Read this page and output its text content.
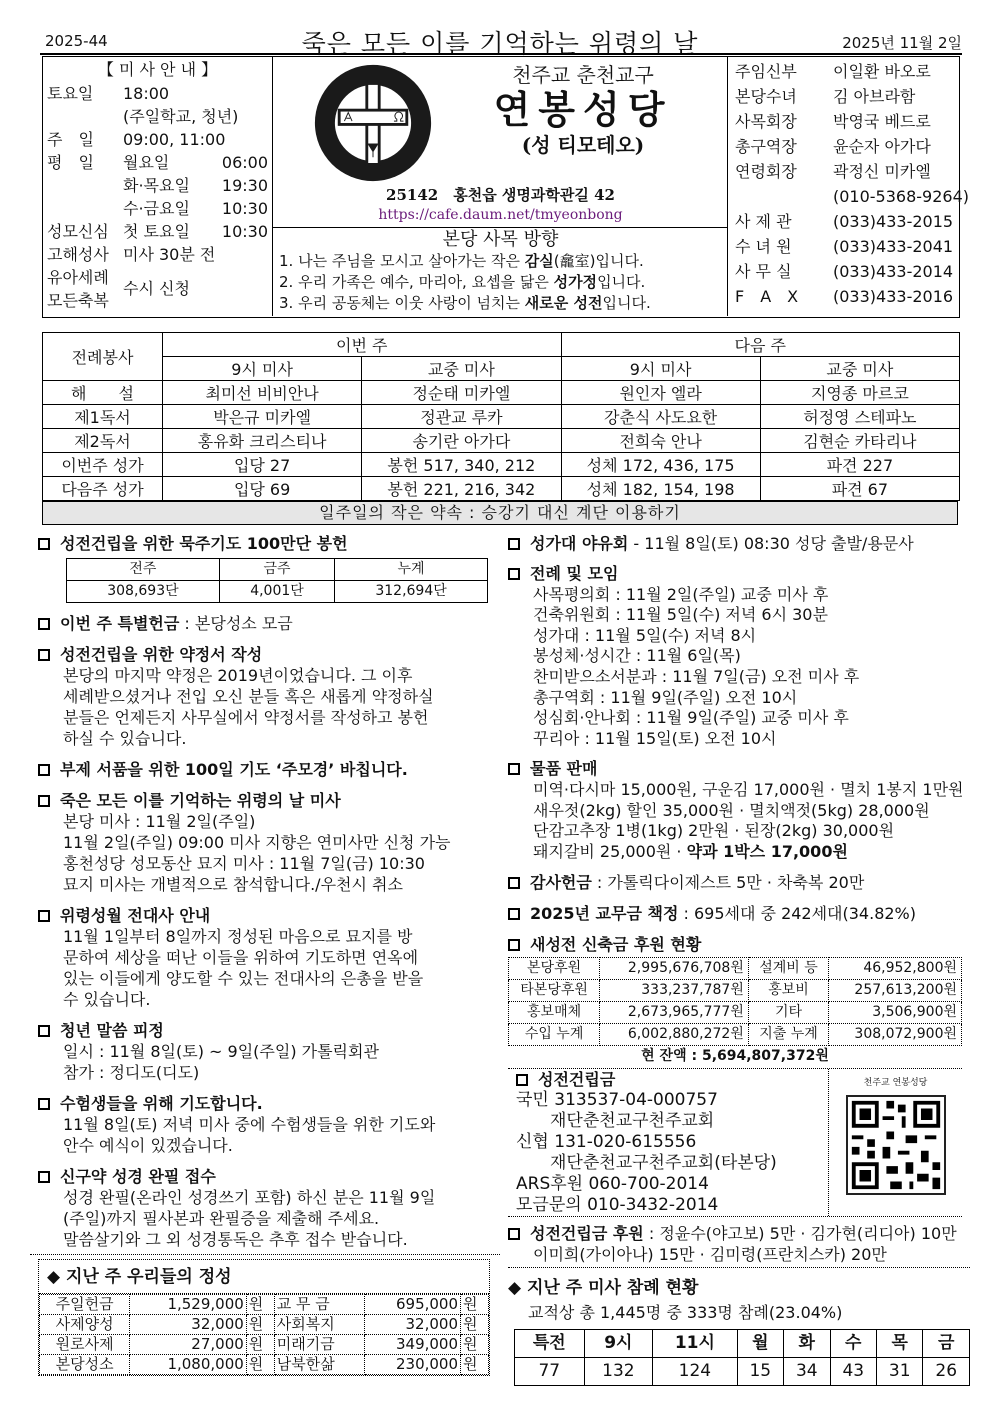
2025-44	죽은 모든 이를 기억하는 위령의 날	2025년 11월 2일
【 미 사 안 내 】
토요일 18:00
(주일학교, 청년)
주　일 09:00, 11:00
평　일 월요일	06:00
화·목요일 19:30
수·금요일 10:30
성모신심 첫 토요일 10:30
고해성사 미사 30분 전
유아세례
모든축복
수시 신청
천주교 춘천교구
연봉성당
(성 티모테오)
25142　홍천읍 생명과학관길 42
https://cafe.daum.net/tmyeonbong
본당 사목 방향
1. 나는 주님을 모시고 살아가는 작은 감실(龕室)입니다.
2. 우리 가족은 예수, 마리아, 요셉을 닮은 성가정입니다.
3. 우리 공동체는 이웃 사랑이 넘치는 새로운 성전입니다.
주임신부 이일환 바오로
본당수녀 김 아브라함
사목회장 박영국 베드로
총구역장 윤순자 아가다
연령회장 곽정신 미카엘
(010-5368-9264)
사 제 관	(033)433-2015
수 녀 원	(033)433-2041
사 무 실	(033)433-2014
F　A　X (033)433-2016
전례봉사	이번 주		다음 주	
	9시 미사	교중 미사	9시 미사	교중 미사
해　　설	최미선 비비안나	정순태 미카엘	원인자 엘라	지영종 마르코
제1독서	박은규 미카엘	정관교 루카	강춘식 사도요한	허정영 스테파노
제2독서	홍유화 크리스티나	송기란 아가다	전희숙 안나	김현순 카타리나
이번주 성가	입당 27	봉헌 517, 340, 212	성체 172, 436, 175	파견 227
다음주 성가	입당 69	봉헌 221, 216, 342	성체 182, 154, 198	파견 67
일주일의 작은 약속 : 승강기 대신 계단 이용하기
성전건립을 위한 묵주기도 100만단 봉헌
전주	금주	누계
308,693단	4,001단	312,694단
이번 주 특별헌금 : 본당성소 모금
성전건립을 위한 약정서 작성
본당의 마지막 약정은 2019년이었습니다. 그 이후
세례받으셨거나 전입 오신 분들 혹은 새롭게 약정하실
분들은 언제든지 사무실에서 약정서를 작성하고 봉헌
하실 수 있습니다.
부제 서품을 위한 100일 기도 ‘주모경’ 바칩니다.
죽은 모든 이를 기억하는 위령의 날 미사
본당 미사 : 11월 2일(주일)
11월 2일(주일) 09:00 미사 지향은 연미사만 신청 가능
홍천성당 성모동산 묘지 미사 : 11월 7일(금) 10:30
묘지 미사는 개별적으로 참석합니다./우천시 취소
위령성월 전대사 안내
11월 1일부터 8일까지 정성된 마음으로 묘지를 방
문하여 세상을 떠난 이들을 위하여 기도하면 연옥에
있는 이들에게 양도할 수 있는 전대사의 은총을 받을
수 있습니다.
청년 말씀 피정
일시 : 11월 8일(토) ~ 9일(주일) 가톨릭회관
참가 : 정디도(디도)
수험생들을 위해 기도합니다.
11월 8일(토) 저녁 미사 중에 수험생들을 위한 기도와
안수 예식이 있겠습니다.
신구약 성경 완필 접수
성경 완필(온라인 성경쓰기 포함) 하신 분은 11월 9일
(주일)까지 필사본과 완필증을 제출해 주세요.
말씀살기와 그 외 성경통독은 추후 접수 받습니다.
◆ 지난 주 우리들의 정성
주일헌금	1,529,000	원	교 무 금	695,000	원
사제양성	32,000	원	사회복지	32,000	원
원로사제	27,000	원	미래기금	349,000	원
본당성소	1,080,000	원	남북한삶	230,000	원
성가대 야유회 - 11월 8일(토) 08:30 성당 출발/용문사
전례 및 모임
사목평의회 : 11월 2일(주일) 교중 미사 후
건축위원회 : 11월 5일(수) 저녁 6시 30분
성가대 : 11월 5일(수) 저녁 8시
봉성체·성시간 : 11월 6일(목)
찬미받으소서분과 : 11월 7일(금) 오전 미사 후
총구역회 : 11월 9일(주일) 오전 10시
성심회·안나회 : 11월 9일(주일) 교중 미사 후
꾸리아 : 11월 15일(토) 오전 10시
물품 판매
미역·다시마 15,000원, 구운김 17,000원 · 멸치 1봉지 1만원
새우젓(2kg) 할인 35,000원 · 멸치액젓(5kg) 28,000원
단감고추장 1병(1kg) 2만원 · 된장(2kg) 30,000원
돼지갈비 25,000원 · 약과 1박스 17,000원
감사헌금 : 가톨릭다이제스트 5만 · 차축복 20만
2025년 교무금 책정 : 695세대 중 242세대(34.82%)
새성전 신축금 후원 현황
본당후원	2,995,676,708원	설계비 등	46,952,800원
타본당후원	333,237,787원	홍보비	257,613,200원
홍보매체	2,673,965,777원	기타	3,506,900원
수입 누계	6,002,880,272원	지출 누계	308,072,900원
현 잔액 : 5,694,807,372원
성전건립금
국민 313537-04-000757
　　재단춘천교구천주교회
신협 131-020-615556
　　재단춘천교구천주교회(타본당)
ARS후원 060-700-2014
모금문의 010-3432-2014
천주교 연봉성당
성전건립금 후원 : 정윤수(야고보) 5만 · 김가현(리디아) 10만
이미희(가이아나) 15만 · 김미령(프란치스카) 20만
◆ 지난 주 미사 참례 현황
교적상 총 1,445명 중 333명 참례(23.04%)
특전	9시	11시	월	화	수	목	금
77	132	124	15	34	43	31	26
